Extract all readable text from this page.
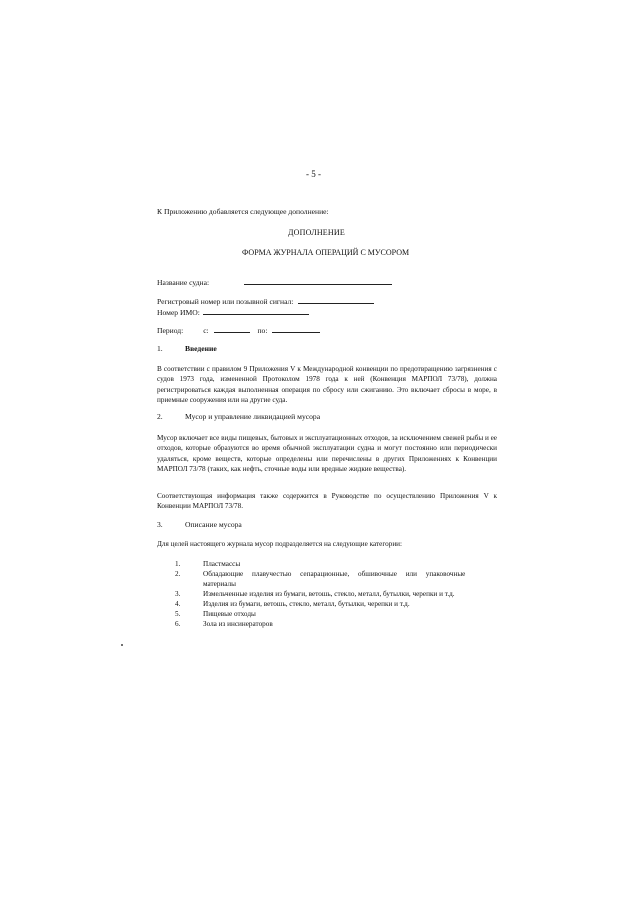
- 5 -
К Приложению добавляется следующее дополнение:
ДОПОЛНЕНИЕ
ФОРМА ЖУРНАЛА ОПЕРАЦИЙ С МУСОРОМ
Название судна:
Регистровый номер или позывной сигнал:
Номер ИМО:
Период:	с:	по:
1.	Введение
В соответствии с правилом 9 Приложения V к Международной конвенции по предотвращению загрязнения с судов 1973 года, измененной Протоколом 1978 года к ней (Конвенция МАРПОЛ 73/78), должна регистрироваться каждая выполненная операция по сбросу или сжиганию. Это включает сбросы в море, в приемные сооружения или на другие суда.
2.	Мусор и управление ликвидацией мусора
Мусор включает все виды пищевых, бытовых и эксплуатационных отходов, за исключением свежей рыбы и ее отходов, которые образуются во время обычной эксплуатации судна и могут постоянно или периодически удаляться, кроме веществ, которые определены или перечислены в других Приложениях к Конвенции МАРПОЛ 73/78 (таких, как нефть, сточные воды или вредные жидкие вещества).
Соответствующая информация также содержится в Руководстве по осуществлению Приложения V к Конвенции МАРПОЛ 73/78.
3.	Описание мусора
Для целей настоящего журнала мусор подразделяется на следующие категории:
1.	Пластмассы
2.	Обладающие плавучестью сепарационные, обшивочные или упаковочные
материалы
3.	Измельченные изделия из бумаги, ветошь, стекло, металл, бутылки, черепки и т.д.
4.	Изделия из бумаги, ветошь, стекло, металл, бутылки, черепки и т.д.
5.	Пищевые отходы
6.	Зола из инсинераторов
